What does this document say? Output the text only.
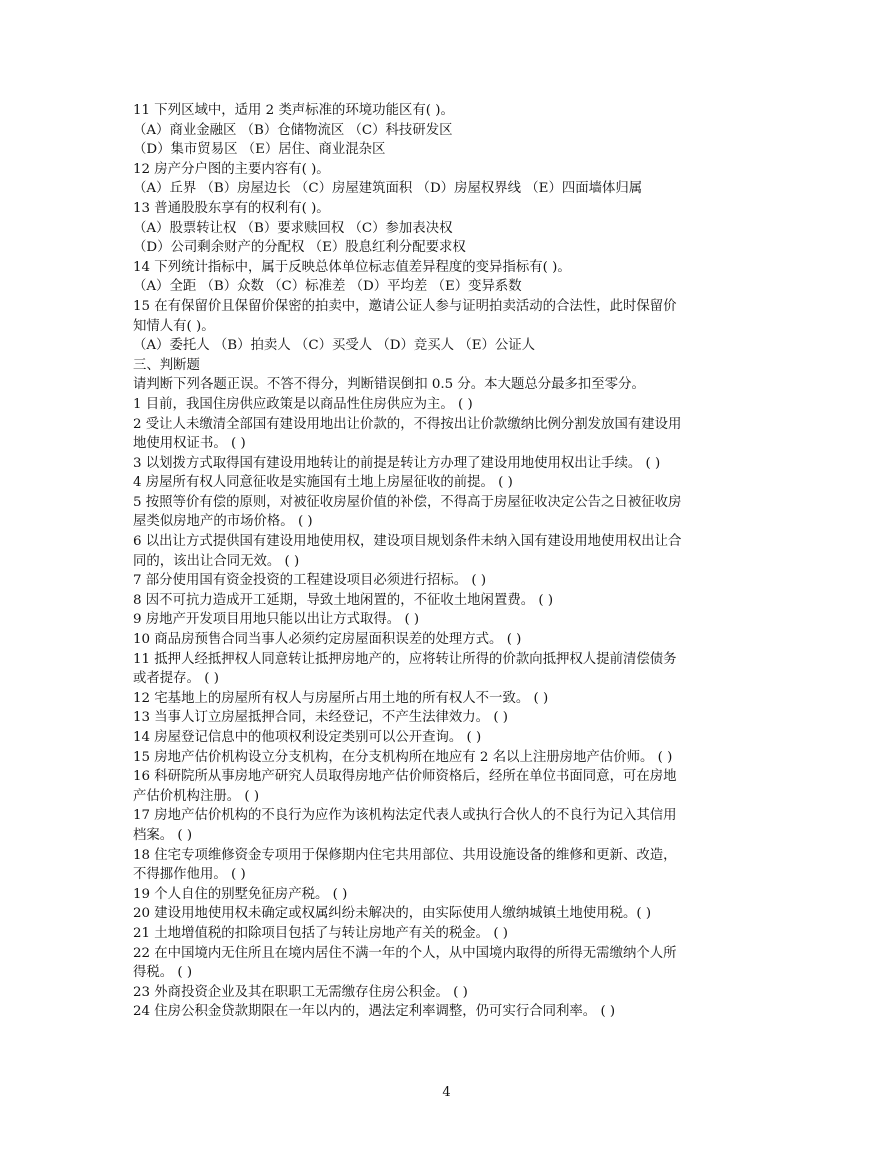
11 下列区域中，适用 2 类声标准的环境功能区有( )。
（A）商业金融区 （B）仓储物流区 （C）科技研发区
（D）集市贸易区 （E）居住、商业混杂区
12 房产分户图的主要内容有( )。
（A）丘界 （B）房屋边长 （C）房屋建筑面积 （D）房屋权界线 （E）四面墙体归属
13 普通股股东享有的权利有( )。
（A）股票转让权 （B）要求赎回权 （C）参加表决权
（D）公司剩余财产的分配权 （E）股息红利分配要求权
14 下列统计指标中，属于反映总体单位标志值差异程度的变异指标有( )。
（A）全距 （B）众数 （C）标准差 （D）平均差 （E）变异系数
15 在有保留价且保留价保密的拍卖中，邀请公证人参与证明拍卖活动的合法性，此时保留价
知情人有( )。
（A）委托人 （B）拍卖人 （C）买受人 （D）竞买人 （E）公证人
三、判断题
请判断下列各题正误。不答不得分，判断错误倒扣 0.5 分。本大题总分最多扣至零分。
1 目前，我国住房供应政策是以商品性住房供应为主。 ( )
2 受让人未缴清全部国有建设用地出让价款的，不得按出让价款缴纳比例分割发放国有建设用
地使用权证书。 ( )
3 以划拨方式取得国有建设用地转让的前提是转让方办理了建设用地使用权出让手续。 ( )
4 房屋所有权人同意征收是实施国有土地上房屋征收的前提。 ( )
5 按照等价有偿的原则，对被征收房屋价值的补偿，不得高于房屋征收决定公告之日被征收房
屋类似房地产的市场价格。 ( )
6 以出让方式提供国有建设用地使用权，建设项目规划条件未纳入国有建设用地使用权出让合
同的，该出让合同无效。 ( )
7 部分使用国有资金投资的工程建设项目必须进行招标。 ( )
8 因不可抗力造成开工延期，导致土地闲置的，不征收土地闲置费。 ( )
9 房地产开发项目用地只能以出让方式取得。 ( )
10 商品房预售合同当事人必须约定房屋面积误差的处理方式。 ( )
11 抵押人经抵押权人同意转让抵押房地产的，应将转让所得的价款向抵押权人提前清偿债务
或者提存。 ( )
12 宅基地上的房屋所有权人与房屋所占用土地的所有权人不一致。 ( )
13 当事人订立房屋抵押合同，未经登记，不产生法律效力。 ( )
14 房屋登记信息中的他项权利设定类别可以公开查询。 ( )
15 房地产估价机构设立分支机构，在分支机构所在地应有 2 名以上注册房地产估价师。 ( )
16 科研院所从事房地产研究人员取得房地产估价师资格后，经所在单位书面同意，可在房地
产估价机构注册。 ( )
17 房地产估价机构的不良行为应作为该机构法定代表人或执行合伙人的不良行为记入其信用
档案。 ( )
18 住宅专项维修资金专项用于保修期内住宅共用部位、共用设施设备的维修和更新、改造，
不得挪作他用。 ( )
19 个人自住的别墅免征房产税。 ( )
20 建设用地使用权未确定或权属纠纷未解决的，由实际使用人缴纳城镇土地使用税。( )
21 土地增值税的扣除项目包括了与转让房地产有关的税金。 ( )
22 在中国境内无住所且在境内居住不满一年的个人，从中国境内取得的所得无需缴纳个人所
得税。 ( )
23 外商投资企业及其在职职工无需缴存住房公积金。 ( )
24 住房公积金贷款期限在一年以内的，遇法定利率调整，仍可实行合同利率。 ( )
4
